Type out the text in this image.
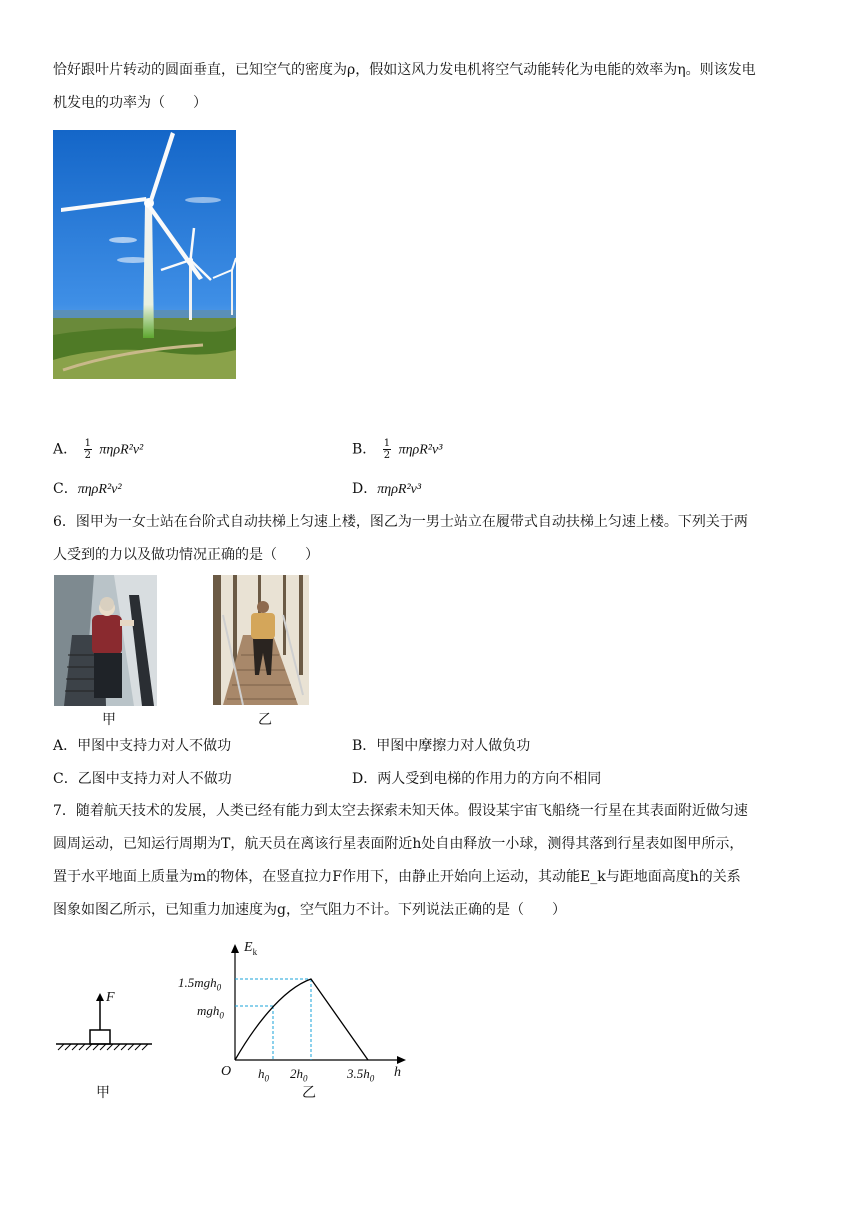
恰好跟叶片转动的圆面垂直，已知空气的密度为ρ，假如这风力发电机将空气动能转化为电能的效率为η。则该发电
机发电的功率为（　　）
A． $\frac{1}{2} \pi\eta\rho R^2v^2$	B． $\frac{1}{2} \pi\eta\rho R^2v^3$
C．πηρR²v²	D．πηρR²v³
6．图甲为一女士站在台阶式自动扶梯上匀速上楼，图乙为一男士站立在履带式自动扶梯上匀速上楼。下列关于两
人受到的力以及做功情况正确的是（　　）
甲	乙
A．甲图中支持力对人不做功	B．甲图中摩擦力对人做负功
C．乙图中支持力对人不做功	D．两人受到电梯的作用力的方向不相同
7．随着航天技术的发展，人类已经有能力到太空去探索未知天体。假设某宇宙飞船绕一行星在其表面附近做匀速
圆周运动，已知运行周期为T，航天员在离该行星表面附近h处自由释放一小球，测得其落到行星表如图甲所示，
置于水平地面上质量为m的物体，在竖直拉力F作用下，由静止开始向上运动，其动能E_k与距地面高度h的关系
图象如图乙所示，已知重力加速度为g，空气阻力不计。下列说法正确的是（　　）
F
甲
$E_k$
1.5mgh$_0$
mgh$_0$
O $h_0$ $2h_0$	$3.5h_0$ h
乙
